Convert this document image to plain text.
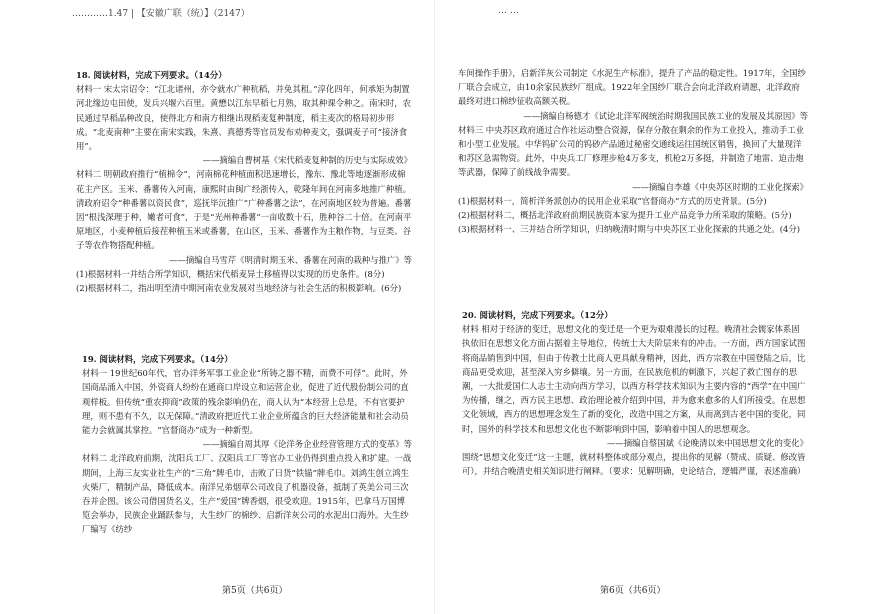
…………1.47 | 【安徽广联（统）】（2147）	… …

18. 阅读材料，完成下列要求。（14分）

材料一 宋太宗诏令：“江北诸州，亦令就水广种秔稻，并免其租。”淳化四年，何承矩为制置河北缘边屯田使，发兵兴堰六百里。黄懋以江东早稻七月熟，取其种课令种之。南宋时，农民通过早稻品种改良，使得北方和南方相继出现稻麦复种制度，稻主麦次的格局初步形成。“北麦南种”主要在南宋实践，朱熹、真德秀等官员发布劝种麦文，强调麦子可“接济食用”。

——摘编自曹树基《宋代稻麦复种制的历史与实际成效》

材料二 明朝政府推行“植棉令”，河南棉花种植面积迅速增长，豫东、豫北等地逐渐形成棉花主产区。玉米、番薯传入河南，康熙时由闽广经浙传入，乾隆年间在河南多地推广种植。清政府诏令“种番薯以资民食”，巡抚毕沅推广“广种番薯之法”，在河南地区较为普遍。番薯因“根浅深理于种，嫩者可食”，于是“光州种番薯”一亩收数十石，胜种谷二十倍。在河南平原地区，小麦种植后接茬种植玉米或番薯，在山区，玉米、番薯作为主粮作物，与豆类、谷子等农作物搭配种植。

——摘编自马雪芹《明清时期玉米、番薯在河南的栽种与推广》等

(1)根据材料一并结合所学知识，概括宋代稻麦异土移植得以实现的历史条件。(8分)

(2)根据材料二，指出明至清中期河南农业发展对当地经济与社会生活的积极影响。(6分)

19. 阅读材料，完成下列要求。（14分）

材料一 19世纪60年代，官办洋务军事工业企业“所铸之器不精，而费不可俘”。此时，外国商品涌入中国，外资商人纷纷在通商口岸设立和运营企业，促进了近代股份制公司的直观样板。但传统“重农抑商”政策的残余影响仍在，商人认为“本经营上总是，不有官要护理，则不患有不久，以无保障。”清政府把近代工业企业所蕴含的巨大经济能量和社会动员能力会就属其掌控。“官督商办”成为一种新型。

——摘编自周其厚《论洋务企业经营管理方式的变革》等

材料二 北洋政府前期，沈阳兵工厂、汉阳兵工厂等官办工业仍得到重点投入和扩建。一战期间，上海三友实业社生产的“三角”牌毛巾，击败了日货“铁锚”牌毛巾。刘鸿生创立鸿生火柴厂，精制产品，降低成本。南洋兄弟烟草公司改良了机器设备，抵制了英美公司三次吞并企图。该公司借国货名义，生产“爱国”牌香烟，很受欢迎。1915年，巴拿马万国博览会举办，民族企业踊跃参与，大生纱厂的棉纱、启新洋灰公司的水泥出口海外。大生纱厂编写《纺纱

第5页（共6页）

车间操作手册》，启新洋灰公司制定《水泥生产标准》，提升了产品的稳定性。1917年，全国纱厂联合会成立，由10余家民族纱厂组成。1922年全国纱厂联合会向北洋政府请愿，北洋政府最终对进口棉纱征收高额关税。

——摘编自杨德才《试论北洋军阀统治时期我国民族工业的发展及其原因》等

材料三 中央苏区政府通过合作社运动整合资源，保存分散在剩余的作为工业投入，推动手工业和小型工业发展。中华钨矿公司的钨砂产品通过秘密交通线运往国统区销售，换回了大量现洋和苏区急需物资。此外，中央兵工厂修理步枪4万多支，机枪2万多挺，并制造了地雷、迫击炮等武器，保障了前线战争需要。

——摘编自李雄《中央苏区时期的工业化探索》

(1)根据材料一，简析洋务派创办的民用企业采取“官督商办”方式的历史背景。(5分)

(2)根据材料二，概括北洋政府前期民族资本家为提升工业产品竞争力所采取的策略。(5分)

(3)根据材料一、三并结合所学知识，归纳晚清时期与中央苏区工业化探索的共通之处。(4分)

20. 阅读材料，完成下列要求。（12分）

材料 相对于经济的变迁，思想文化的变迁是一个更为艰难漫长的过程。晚清社会儒家体系固执依旧在思想文化方面占据着主导地位，传统士大夫阶层来有的冲击。一方面，西方国家试图将商品销售到中国，但由于传教士比商人更具献身精神，因此，西方宗教在中国登陆之后，比商品更受欢迎，甚至深入穷乡僻壤。另一方面，在民族危机的刺激下，兴起了救亡图存的思潮，一大批爱国仁人志士主动向西方学习，以西方科学技术知识为主要内容的“西学”在中国广为传播，继之，西方民主思想、政治理论被介绍到中国，并为愈来愈多的人们所接受。在思想文化领域，西方的思想理念发生了新的变化，改造中国之方案，从而离到古老中国的变化，同时，国外的科学技术和思想文化也不断影响到中国，影响着中国人的思想观念。

——摘编自蔡国斌《论晚清以来中国思想文化的变化》

围绕“思想文化变迁”这一主题，就材料整体或部分观点，提出你的见解（赞成、质疑、修改皆可），并结合晚清史相关知识进行阐释。（要求：见解明确，史论结合，逻辑严谨，表述准确）

第6页（共6页）
